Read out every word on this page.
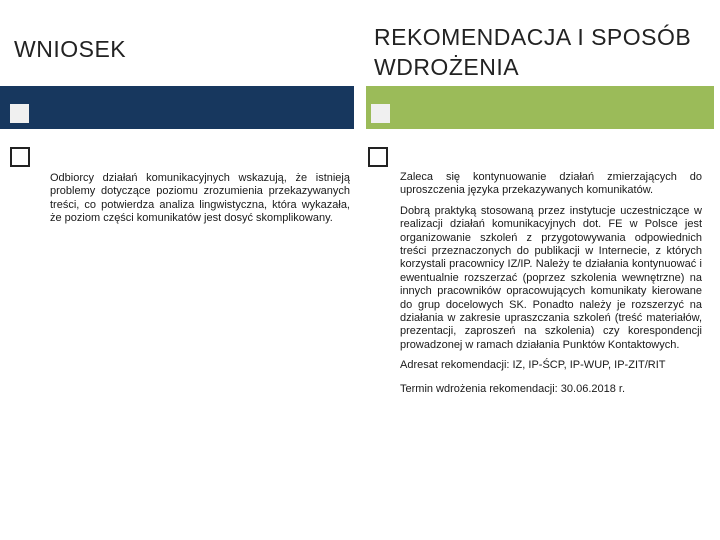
WNIOSEK	REKOMENDACJA I SPOSÓB WDROŻENIA
Odbiorcy działań komunikacyjnych wskazują, że istnieją problemy dotyczące poziomu zrozumienia przekazywanych treści, co potwierdza analiza lingwistyczna, która wykazała, że poziom części komunikatów jest dosyć skomplikowany.

Zaleca się kontynuowanie działań zmierzających do uproszczenia języka przekazywanych komunikatów.

Dobrą praktyką stosowaną przez instytucje uczestniczące w realizacji działań komunikacyjnych dot. FE w Polsce jest organizowanie szkoleń z przygotowywania odpowiednich treści przeznaczonych do publikacji w Internecie, z których korzystali pracownicy IZ/IP. Należy te działania kontynuować i ewentualnie rozszerzać (poprzez szkolenia wewnętrzne) na innych pracowników opracowujących komunikaty kierowane do grup docelowych SK. Ponadto należy je rozszerzyć na działania w zakresie upraszczania szkoleń (treść materiałów, prezentacji, zaproszeń na szkolenia) czy korespondencji prowadzonej w ramach działania Punktów Kontaktowych.

Adresat rekomendacji: IZ, IP-ŚCP, IP-WUP, IP-ZIT/RIT

Termin wdrożenia rekomendacji: 30.06.2018 r.
